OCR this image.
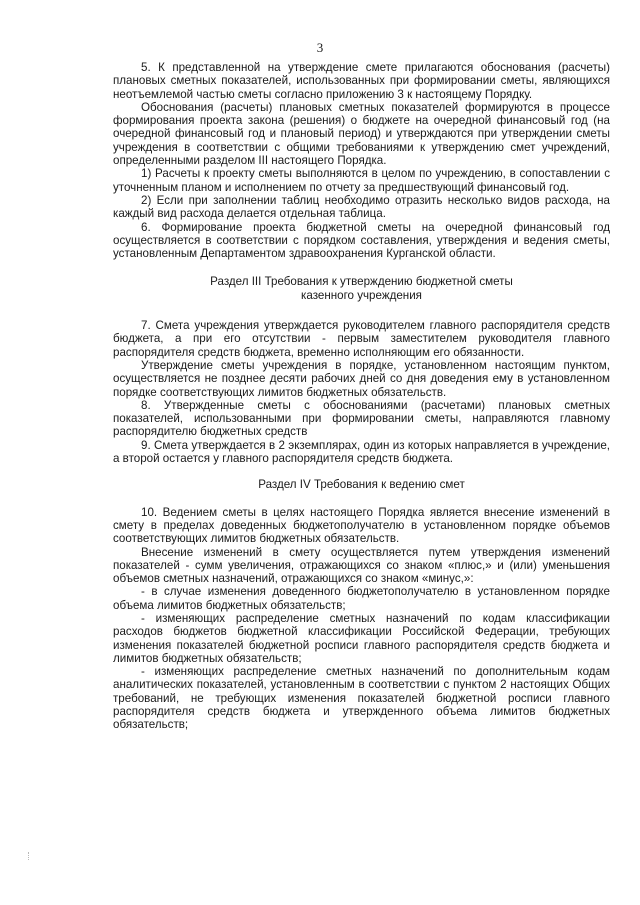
3

5. К представленной на утверждение смете прилагаются обоснования (расчеты) плановых сметных показателей, использованных при формировании сметы, являющихся неотъемлемой частью сметы согласно приложению 3 к настоящему Порядку.

Обоснования (расчеты) плановых сметных показателей формируются в процессе формирования проекта закона (решения) о бюджете на очередной финансовый год (на очередной финансовый год и плановый период) и утверждаются при утверждении сметы учреждения в соответствии с общими требованиями к утверждению смет учреждений, определенными разделом III настоящего Порядка.

1) Расчеты к проекту сметы выполняются в целом по учреждению, в сопоставлении с уточненным планом и исполнением по отчету за предшествующий финансовый год.

2) Если при заполнении таблиц необходимо отразить несколько видов расхода, на каждый вид расхода делается отдельная таблица.

6. Формирование проекта бюджетной сметы на очередной финансовый год осуществляется в соответствии с порядком составления, утверждения и ведения сметы, установленным Департаментом здравоохранения Курганской области.

Раздел III Требования к утверждению бюджетной сметы

казенного учреждения

7. Смета учреждения утверждается руководителем главного распорядителя средств бюджета, а при его отсутствии - первым заместителем руководителя главного распорядителя средств бюджета, временно исполняющим его обязанности.

Утверждение сметы учреждения в порядке, установленном настоящим пунктом, осуществляется не позднее десяти рабочих дней со дня доведения ему в установленном порядке соответствующих лимитов бюджетных обязательств.

8. Утвержденные сметы с обоснованиями (расчетами) плановых сметных показателей, использованными при формировании сметы, направляются главному распорядителю бюджетных средств

9. Смета утверждается в 2 экземплярах, один из которых направляется в учреждение, а второй остается у главного распорядителя средств бюджета.

Раздел IV Требования к ведению смет

10. Ведением сметы в целях настоящего Порядка является внесение изменений в смету в пределах доведенных бюджетополучателю в установленном порядке объемов соответствующих лимитов бюджетных обязательств.

Внесение изменений в смету осуществляется путем утверждения изменений показателей - сумм увеличения, отражающихся со знаком «плюс,» и (или) уменьшения объемов сметных назначений, отражающихся со знаком «минус,»:

- в случае изменения доведенного бюджетополучателю в установленном порядке объема лимитов бюджетных обязательств;

- изменяющих распределение сметных назначений по кодам классификации расходов бюджетов бюджетной классификации Российской Федерации, требующих изменения показателей бюджетной росписи главного распорядителя средств бюджета и лимитов бюджетных обязательств;

- изменяющих распределение сметных назначений по дополнительным кодам аналитических показателей, установленным в соответствии с пунктом 2 настоящих Общих требований, не требующих изменения показателей бюджетной росписи главного распорядителя средств бюджета и утвержденного объема лимитов бюджетных обязательств;
